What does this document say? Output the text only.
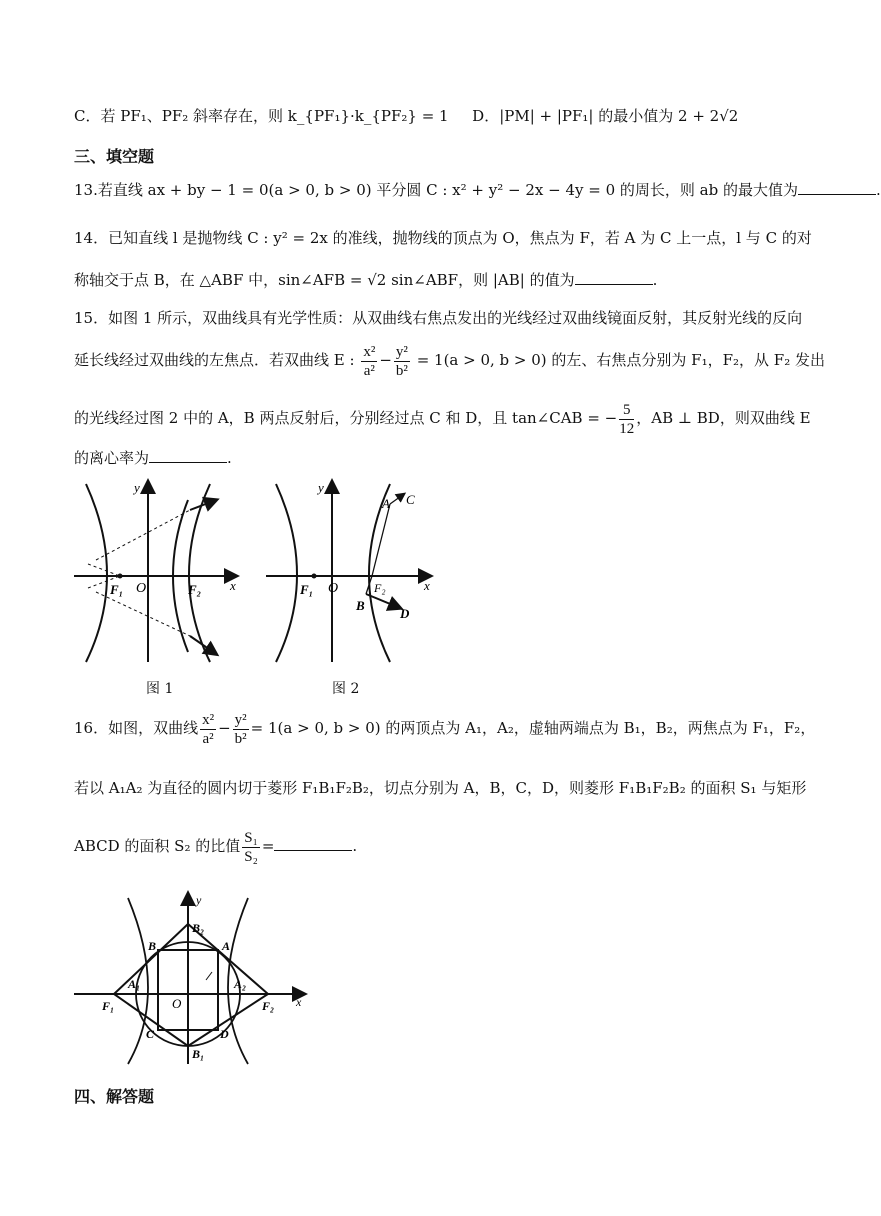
C．若 PF₁、PF₂ 斜率存在，则 k_{PF₁}·k_{PF₂} = 1 D．|PM| + |PF₁| 的最小值为 2 + 2√2
三、填空题
13.若直线 ax + by − 1 = 0(a > 0, b > 0) 平分圆 C : x² + y² − 2x − 4y = 0 的周长，则 ab 的最大值为	.
14．已知直线 l 是抛物线 C : y² = 2x 的准线，抛物线的顶点为 O，焦点为 F，若 A 为 C 上一点，l 与 C 的对
称轴交于点 B，在 △ABF 中，sin∠AFB = √2 sin∠ABF，则 |AB| 的值为	.
15．如图 1 所示，双曲线具有光学性质：从双曲线右焦点发出的光线经过双曲线镜面反射，其反射光线的反向
延长线经过双曲线的左焦点．若双曲线 E : $\frac{\text{x²}}{\text{a²}} - \frac{\text{y²}}{\text{b²}} = 1(a > 0$, b > 0) 的左、右焦点分别为 F₁，F₂，从 F₂ 发出
的光线经过图 2 中的 A，B 两点反射后，分别经过点 C 和 D，且 tan∠CAB = − $\frac{5}{12}$ ，AB ⊥ BD，则双曲线 E
的离心率为	.
y
x
O
F₁	F₂
图 1
y
x
O
F₁	F₂
A C
B
D
图 2
16．如图，双曲线 $\frac{\text{x²}}{\text{a²}} - \frac{\text{y²}}{\text{b²}} = 1(a > 0$, b > 0) 的两顶点为 A₁，A₂，虚轴两端点为 B₁，B₂，两焦点为 F₁，F₂，
若以 A₁A₂ 为直径的圆内切于菱形 F₁B₁F₂B₂，切点分别为 A，B，C，D，则菱形 F₁B₁F₂B₂ 的面积 S₁ 与矩形
ABCD 的面积 S₂ 的比值 $\frac{\text{S₁}}{\text{S₂}}$ =	.
y
x
O
F₁	F₂
B₂
B₁
A₁	A₂
B	A
C	D
四、解答题
